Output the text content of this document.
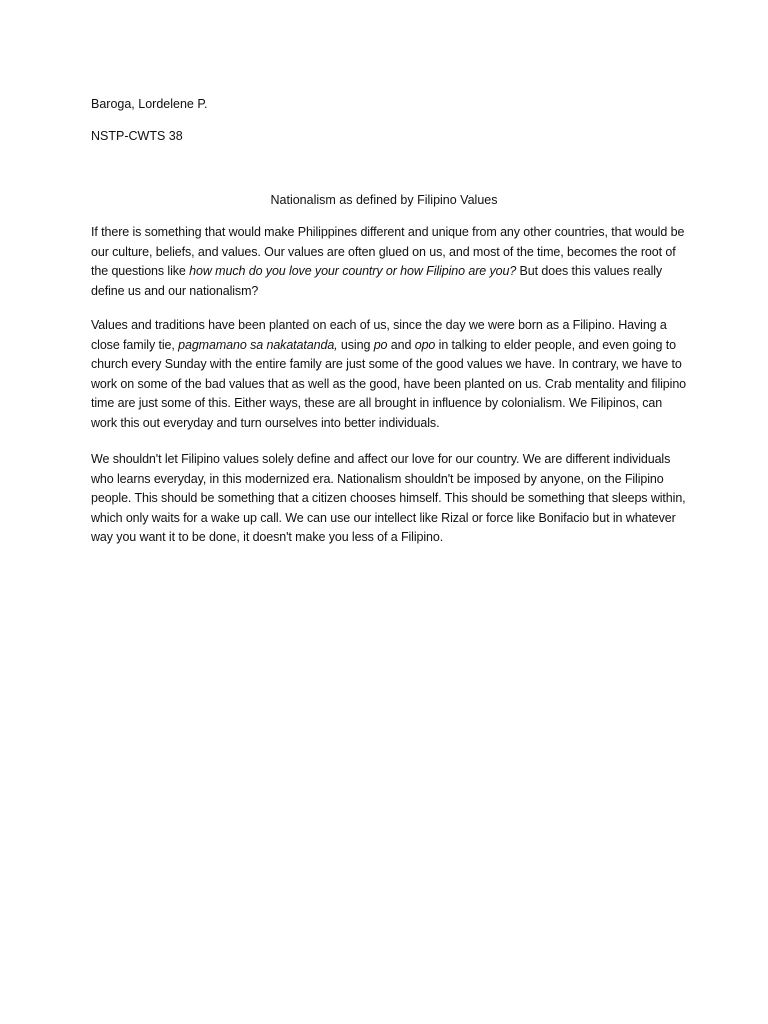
Baroga, Lordelene P.
NSTP-CWTS 38
Nationalism as defined by Filipino Values
If there is something that would make Philippines different and unique from any other countries, that would be our culture, beliefs, and values. Our values are often glued on us, and most of the time, becomes the root of the questions like how much do you love your country or how Filipino are you? But does this values really define us and our nationalism?
Values and traditions have been planted on each of us, since the day we were born as a Filipino. Having a close family tie, pagmamano sa nakatatanda, using po and opo in talking to elder people, and even going to church every Sunday with the entire family are just some of the good values we have. In contrary, we have to work on some of the bad values that as well as the good, have been planted on us. Crab mentality and filipino time are just some of this. Either ways, these are all brought in influence by colonialism. We Filipinos, can work this out everyday and turn ourselves into better individuals.
We shouldn't let Filipino values solely define and affect our love for our country. We are different individuals who learns everyday, in this modernized era. Nationalism shouldn't be imposed by anyone, on the Filipino people. This should be something that a citizen chooses himself. This should be something that sleeps within, which only waits for a wake up call. We can use our intellect like Rizal or force like Bonifacio but in whatever way you want it to be done, it doesn't make you less of a Filipino.
